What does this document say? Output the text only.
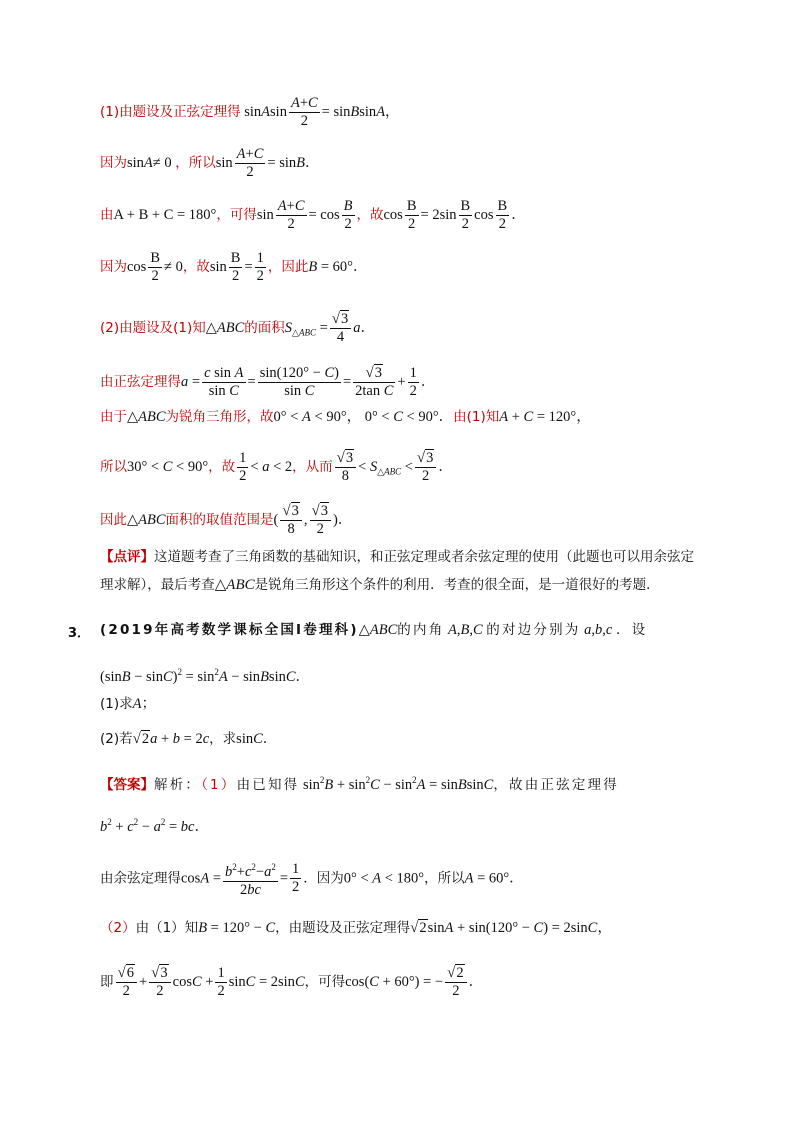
(1)由题设及正弦定理得 sinAsin $\frac{A+C}{2}$ = sinBsinA，
因为sinA≠ 0 ，所以$\sin \frac{A+C}{2} = \sin B$．
由A + B + C = 180°，可得$\sin \frac{A+C}{2} = \cos \frac{B}{2}$ ，故$\cos \frac{B}{2} = 2\sin \frac{B}{2}$ $\cos \frac{B}{2}$ ．
因为$\cos \frac{B}{2} \ne 0$，故$\sin \frac{B}{2} = \frac{1}{2}$ ，因此B = 60°．
(2)由题设及(1)知△ABC的面积$S_{\triangle ABC} = \frac{√3}{4}$ a．
由正弦定理得$a = \frac{\text{c sin A}}{\text{sin C}} = \frac{\sin(120^\circ - C)}{\text{sin C}} = \frac{√3}{\text{2tan C}} + \frac{1}{2}$ ．
由于△ABC为锐角三角形，故0° < A < 90°， 0° < C < 90°．由(1)知A + C = 120°，
所以30° < C < 90°，故 $\frac{1}{2} < a < 2$，从而 $\frac{√3}{8} < S_{\triangle ABC} < \frac{√3}{2}$ ．
因此△ABC面积的取值范围是( $\frac{√3}{8}$ , $\frac{√3}{2}$ )．
【点评】这道题考查了三角函数的基础知识，和正弦定理或者余弦定理的使用（此题也可以用余弦定理求解），最后考查△ABC是锐角三角形这个条件的利用．考查的很全面，是一道很好的考题．
3． (2019年高考数学课标全国Ⅰ卷理科)△ABC的内角 A,B,C 的对边分别为 a,b,c ．设
$(\sin B - \sin C)^2 = \sin^2A$ − sinBsinC．
(1)求A；
(2)若√2a + b = 2c，求sinC．
【答案】解析：（1）由已知得 $\sin^2B + \sin^2C - \sin^2A$ = sinBsinC，故由正弦定理得
$b^2 + c^2 - a^2$ = bc．
由余弦定理得$\cos A = \frac{b^2+c^2-a^2}{2bc} = \frac{1}{2}$ ．因为0° < A < 180°，所以A = 60°．
（2）由（1）知B = 120° − C，由题设及正弦定理得√2sinA + sin(120° − C) = 2sinC，
即 $\frac{√6}{2} + \frac{√3}{2}$ $\cos C + \frac{1}{2}$ sinC = 2sinC，可得cos(C + 60°) = − $\frac{√2}{2}$ ．
